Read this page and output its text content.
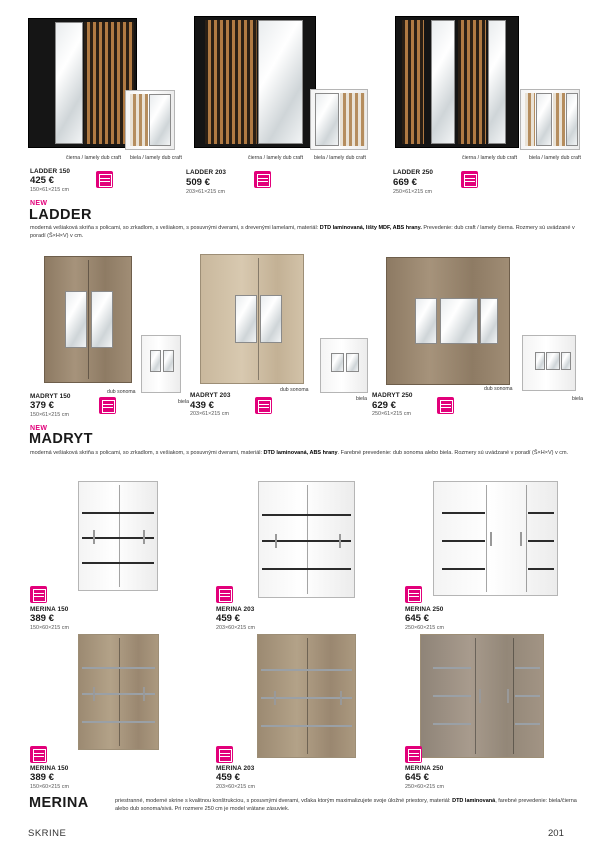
čierna / lamely dub craft biela / lamely dub craft
LADDER 150
425 €
150×61×215 cm
čierna / lamely dub craft biela / lamely dub craft
LADDER 203
509 €
203×61×215 cm
čierna / lamely dub craft biela / lamely dub craft
LADDER 250
669 €
250×61×215 cm
NEW
LADDER
moderná vešiaková skriňa s policami, so zrkadlom, s vešiakom, s posuvnými dverami, s drevenými lamelami, materiál: DTD laminovaná, lišty MDF, ABS hrany. Prevedenie: dub craft / lamely čierna. Rozmery sú uvádzané v poradí (Š×H×V) v cm.
dub sonoma
biela
MADRYT 150
379 €
150×61×215 cm
dub sonoma
biela
MADRYT 203
439 €
203×61×215 cm
dub sonoma
biela
MADRYT 250
629 €
250×61×215 cm
NEW
MADRYT
moderná vešiaková skriňa s policami, so zrkadlom, s vešiakom, s posuvnými dverami, materiál: DTD laminovaná, ABS hrany. Farebné prevedenie: dub sonoma alebo biela. Rozmery sú uvádzané v poradí (Š×H×V) v cm.
MERINA 150
389 €
150×60×215 cm
MERINA 203
459 €
203×60×215 cm
MERINA 250
645 €
250×60×215 cm
MERINA 150
389 €
150×60×215 cm
MERINA 203
459 €
203×60×215 cm
MERINA 250
645 €
250×60×215 cm
MERINA	priestranné, moderné skrine s kvalitnou konštrukciou, s posuvnými dverami, vďaka ktorým maximalizujete svoje úložné priestory, materiál: DTD laminovaná, farebné prevedenie: biela/čierna alebo dub sonoma/sivá. Pri rozmere 250 cm je model vrátane zásuviek.
SKRINE	201
